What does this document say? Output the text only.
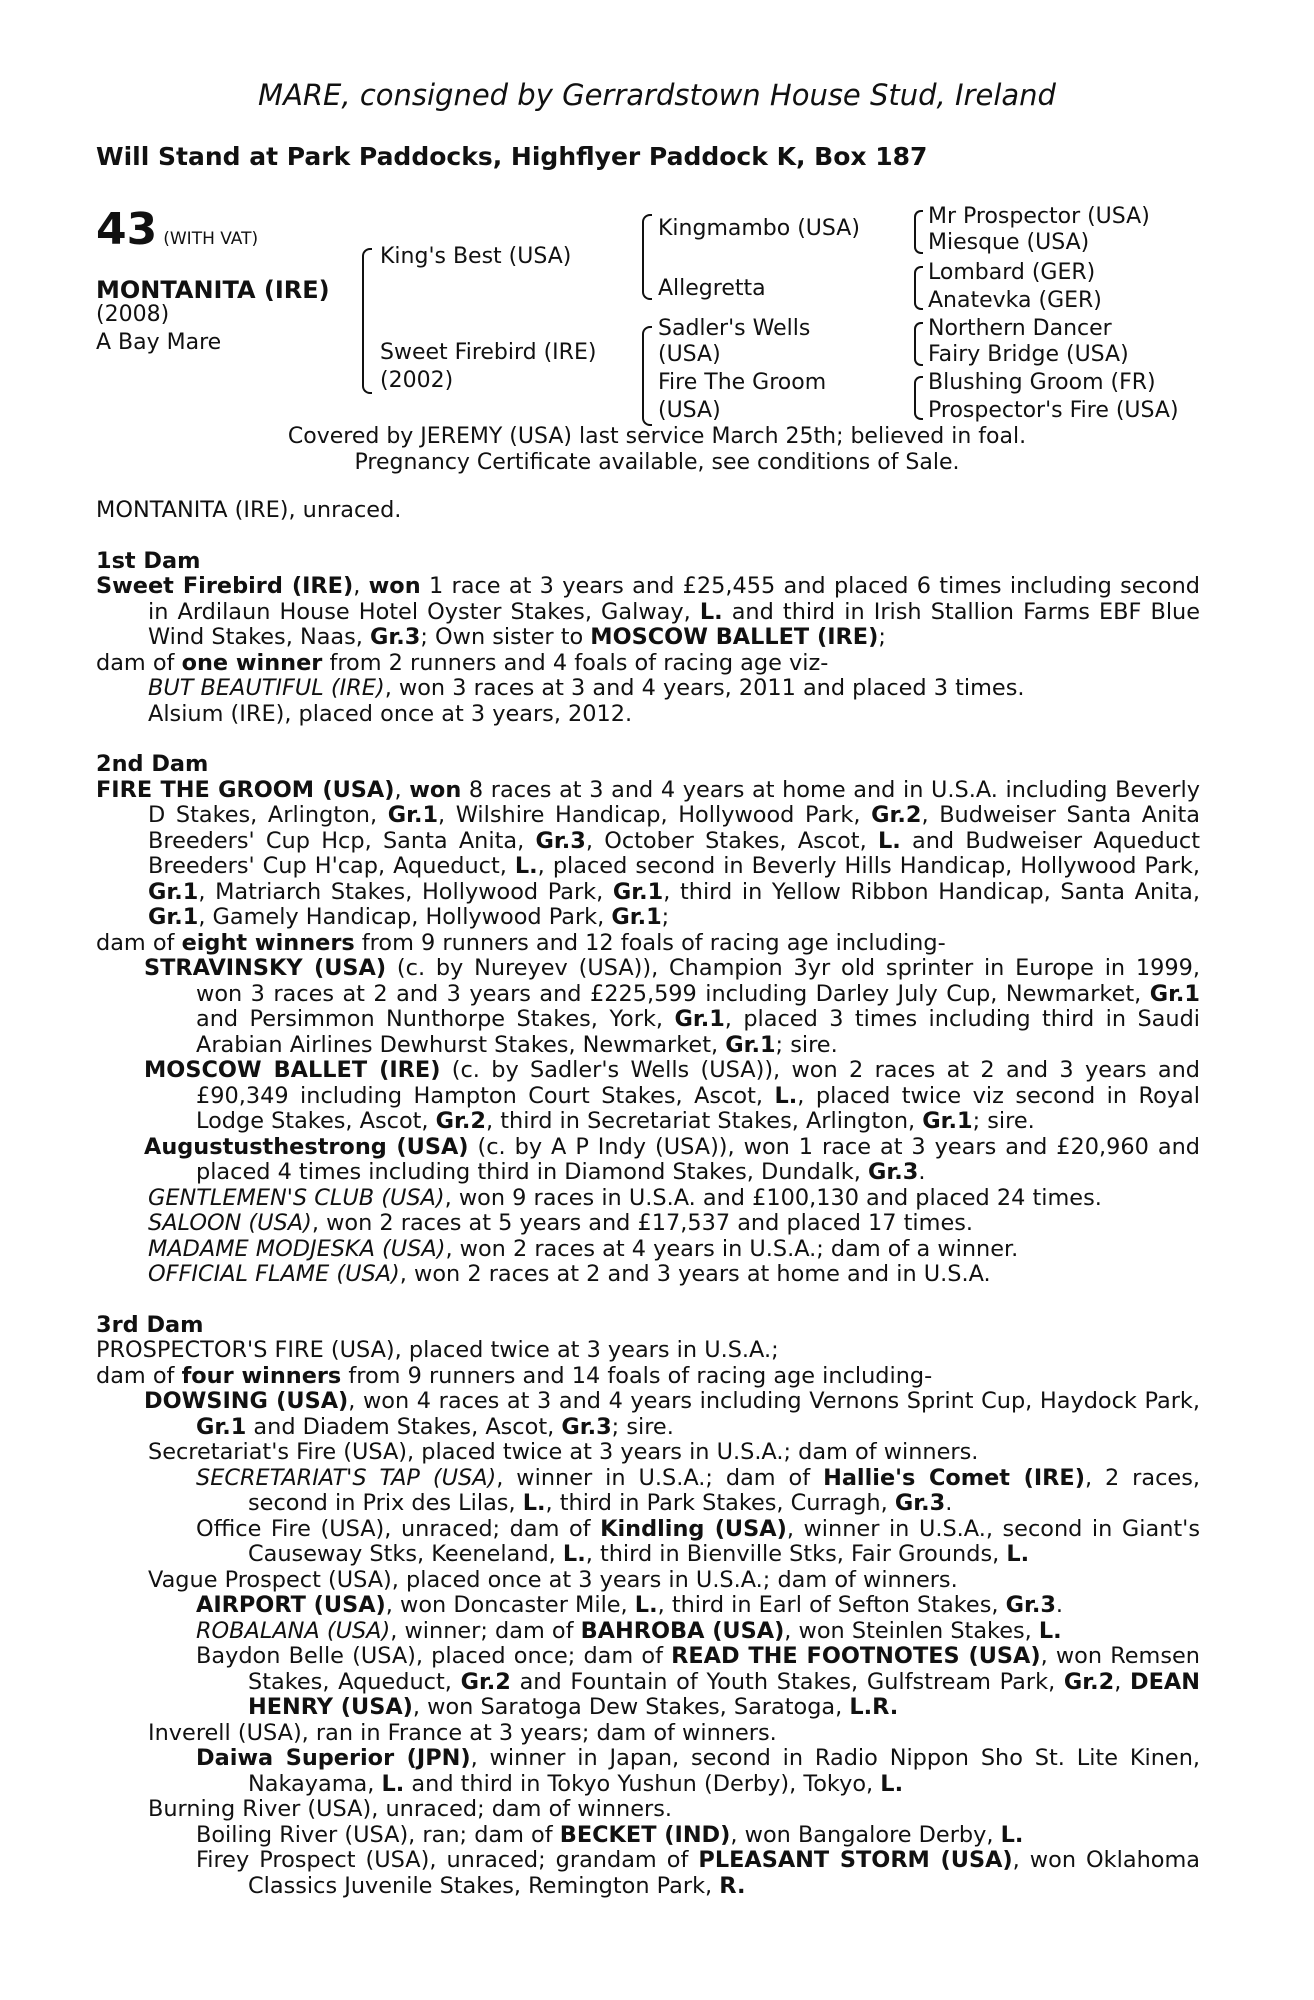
MARE, consigned by Gerrardstown House Stud, Ireland
Will Stand at Park Paddocks, Highflyer Paddock K, Box 187
43 (WITH VAT)
MONTANITA (IRE)
(2008)
A Bay Mare
King's Best (USA)
Sweet Firebird (IRE)
(2002)
Kingmambo (USA)
Allegretta
Sadler's Wells
(USA)
Fire The Groom
(USA)
Mr Prospector (USA)
Miesque (USA)
Lombard (GER)
Anatevka (GER)
Northern Dancer
Fairy Bridge (USA)
Blushing Groom (FR)
Prospector's Fire (USA)
Covered by JEREMY (USA) last service March 25th; believed in foal.
Pregnancy Certificate available, see conditions of Sale.

MONTANITA (IRE), unraced.

1st Dam

Sweet Firebird (IRE), won 1 race at 3 years and £25,455 and placed 6 times including second in Ardilaun House Hotel Oyster Stakes, Galway, L. and third in Irish Stallion Farms EBF Blue Wind Stakes, Naas, Gr.3; Own sister to MOSCOW BALLET (IRE);

dam of one winner from 2 runners and 4 foals of racing age viz-

BUT BEAUTIFUL (IRE), won 3 races at 3 and 4 years, 2011 and placed 3 times.

Alsium (IRE), placed once at 3 years, 2012.

2nd Dam

FIRE THE GROOM (USA), won 8 races at 3 and 4 years at home and in U.S.A. including Beverly D Stakes, Arlington, Gr.1, Wilshire Handicap, Hollywood Park, Gr.2, Budweiser Santa Anita Breeders' Cup Hcp, Santa Anita, Gr.3, October Stakes, Ascot, L. and Budweiser Aqueduct Breeders' Cup H'cap, Aqueduct, L., placed second in Beverly Hills Handicap, Hollywood Park, Gr.1, Matriarch Stakes, Hollywood Park, Gr.1, third in Yellow Ribbon Handicap, Santa Anita, Gr.1, Gamely Handicap, Hollywood Park, Gr.1;

dam of eight winners from 9 runners and 12 foals of racing age including-

STRAVINSKY (USA) (c. by Nureyev (USA)), Champion 3yr old sprinter in Europe in 1999, won 3 races at 2 and 3 years and £225,599 including Darley July Cup, Newmarket, Gr.1 and Persimmon Nunthorpe Stakes, York, Gr.1, placed 3 times including third in Saudi Arabian Airlines Dewhurst Stakes, Newmarket, Gr.1; sire.

MOSCOW BALLET (IRE) (c. by Sadler's Wells (USA)), won 2 races at 2 and 3 years and £90,349 including Hampton Court Stakes, Ascot, L., placed twice viz second in Royal Lodge Stakes, Ascot, Gr.2, third in Secretariat Stakes, Arlington, Gr.1; sire.

Augustusthestrong (USA) (c. by A P Indy (USA)), won 1 race at 3 years and £20,960 and placed 4 times including third in Diamond Stakes, Dundalk, Gr.3.

GENTLEMEN'S CLUB (USA), won 9 races in U.S.A. and £100,130 and placed 24 times.

SALOON (USA), won 2 races at 5 years and £17,537 and placed 17 times.

MADAME MODJESKA (USA), won 2 races at 4 years in U.S.A.; dam of a winner.

OFFICIAL FLAME (USA), won 2 races at 2 and 3 years at home and in U.S.A.

3rd Dam

PROSPECTOR'S FIRE (USA), placed twice at 3 years in U.S.A.;

dam of four winners from 9 runners and 14 foals of racing age including-

DOWSING (USA), won 4 races at 3 and 4 years including Vernons Sprint Cup, Haydock Park, Gr.1 and Diadem Stakes, Ascot, Gr.3; sire.

Secretariat's Fire (USA), placed twice at 3 years in U.S.A.; dam of winners.

SECRETARIAT'S TAP (USA), winner in U.S.A.; dam of Hallie's Comet (IRE), 2 races, second in Prix des Lilas, L., third in Park Stakes, Curragh, Gr.3.

Office Fire (USA), unraced; dam of Kindling (USA), winner in U.S.A., second in Giant's Causeway Stks, Keeneland, L., third in Bienville Stks, Fair Grounds, L.

Vague Prospect (USA), placed once at 3 years in U.S.A.; dam of winners.

AIRPORT (USA), won Doncaster Mile, L., third in Earl of Sefton Stakes, Gr.3.

ROBALANA (USA), winner; dam of BAHROBA (USA), won Steinlen Stakes, L.

Baydon Belle (USA), placed once; dam of READ THE FOOTNOTES (USA), won Remsen Stakes, Aqueduct, Gr.2 and Fountain of Youth Stakes, Gulfstream Park, Gr.2, DEAN HENRY (USA), won Saratoga Dew Stakes, Saratoga, L.R.

Inverell (USA), ran in France at 3 years; dam of winners.

Daiwa Superior (JPN), winner in Japan, second in Radio Nippon Sho St. Lite Kinen, Nakayama, L. and third in Tokyo Yushun (Derby), Tokyo, L.

Burning River (USA), unraced; dam of winners.

Boiling River (USA), ran; dam of BECKET (IND), won Bangalore Derby, L.

Firey Prospect (USA), unraced; grandam of PLEASANT STORM (USA), won Oklahoma Classics Juvenile Stakes, Remington Park, R.
